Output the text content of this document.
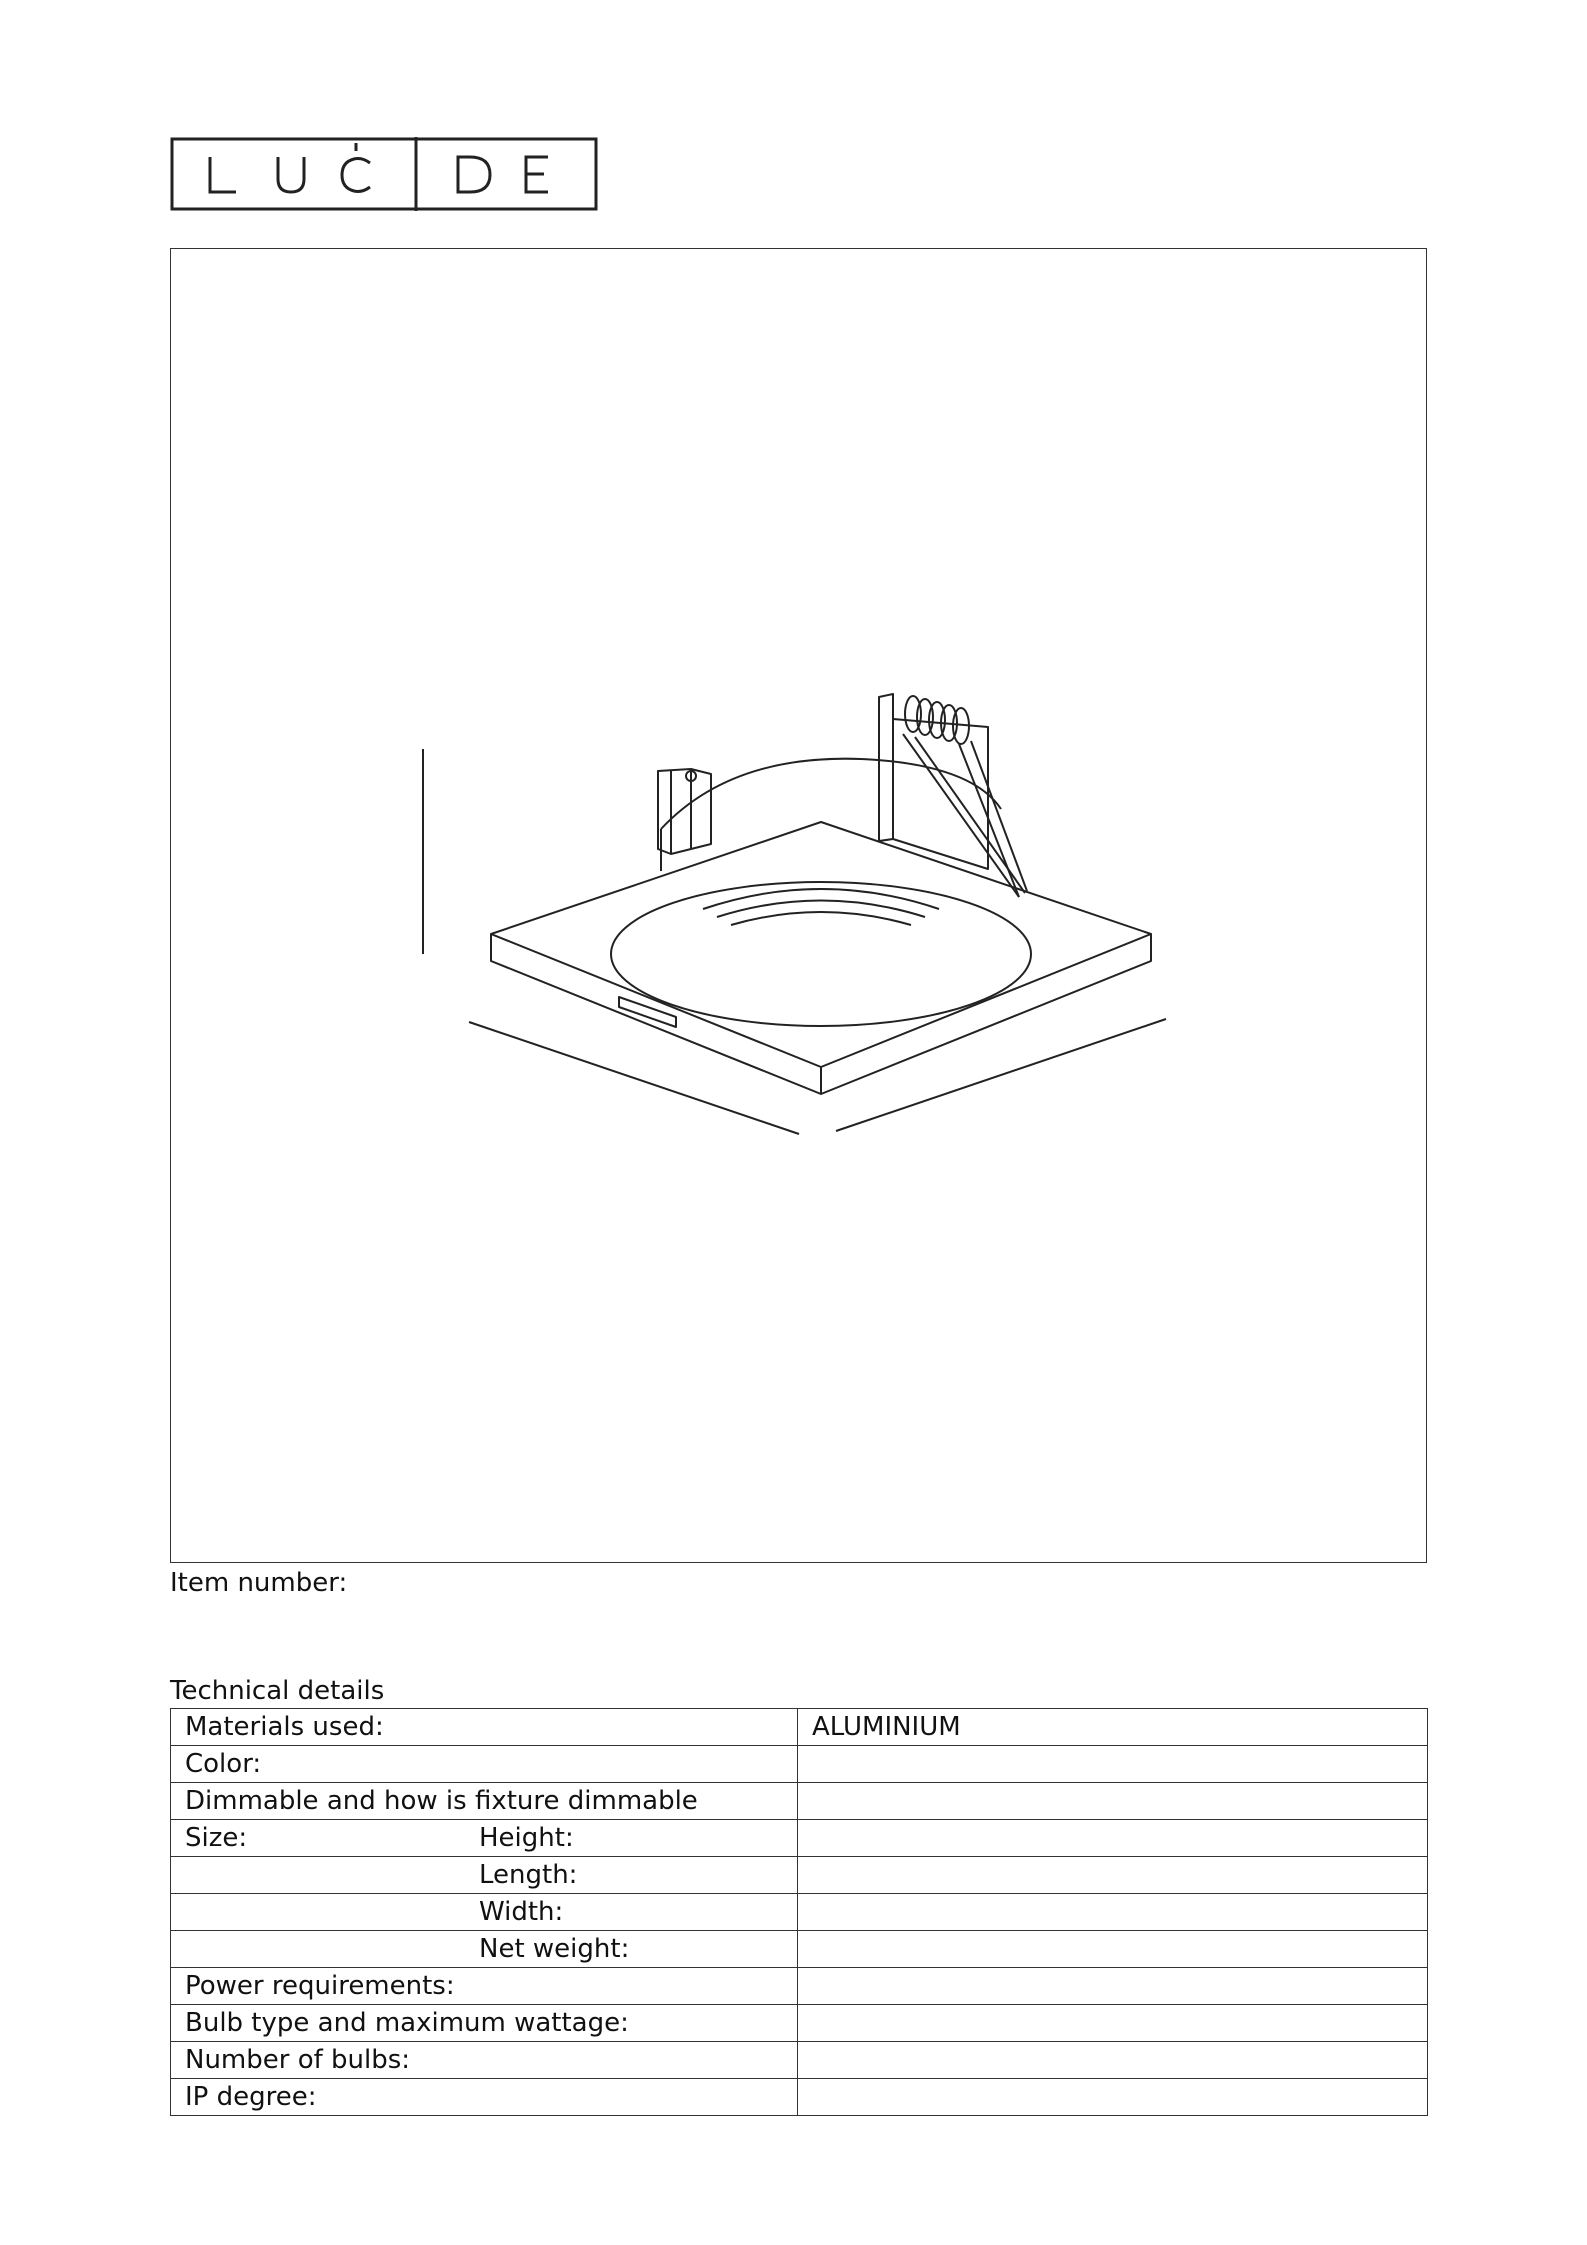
Item number:
Technical details
Materials used:	ALUMINIUM
Color:	
Dimmable and how is fixture dimmable	
Size: Height:	
Length:	
Width:	
Net weight:	
Power requirements:	
Bulb type and maximum wattage:	
Number of bulbs:	
IP degree:	
